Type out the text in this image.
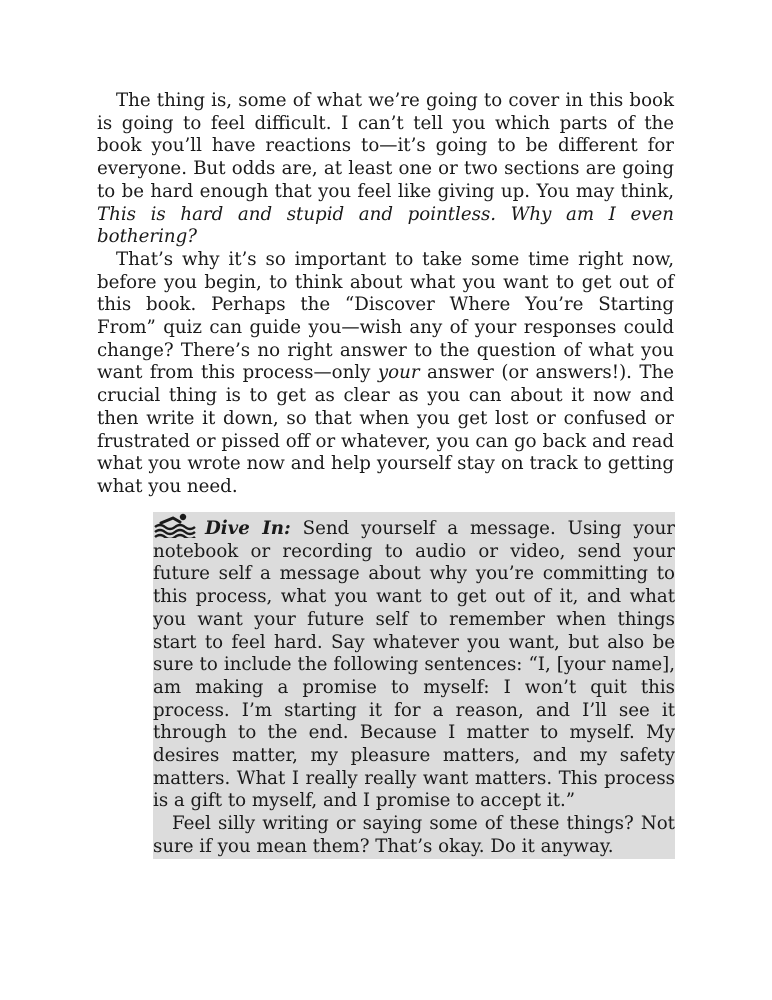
The thing is, some of what we’re going to cover in this book is going to feel difficult. I can’t tell you which parts of the book you’ll have reactions to—it’s going to be different for everyone. But odds are, at least one or two sections are going to be hard enough that you feel like giving up. You may think, This is hard and stupid and pointless. Why am I even bothering?

That’s why it’s so important to take some time right now, before you begin, to think about what you want to get out of this book. Perhaps the “Discover Where You’re Starting From” quiz can guide you—wish any of your responses could change? There’s no right answer to the question of what you want from this process—only your answer (or answers!). The crucial thing is to get as clear as you can about it now and then write it down, so that when you get lost or confused or frustrated or pissed off or whatever, you can go back and read what you wrote now and help yourself stay on track to getting what you need.

Dive In: Send yourself a message. Using your notebook or recording to audio or video, send your future self a message about why you’re committing to this process, what you want to get out of it, and what you want your future self to remember when things start to feel hard. Say whatever you want, but also be sure to include the following sentences: “I, [your name], am making a promise to myself: I won’t quit this process. I’m starting it for a reason, and I’ll see it through to the end. Because I matter to myself. My desires matter, my pleasure matters, and my safety matters. What I really really want matters. This process is a gift to myself, and I promise to accept it.”

Feel silly writing or saying some of these things? Not sure if you mean them? That’s okay. Do it anyway.
